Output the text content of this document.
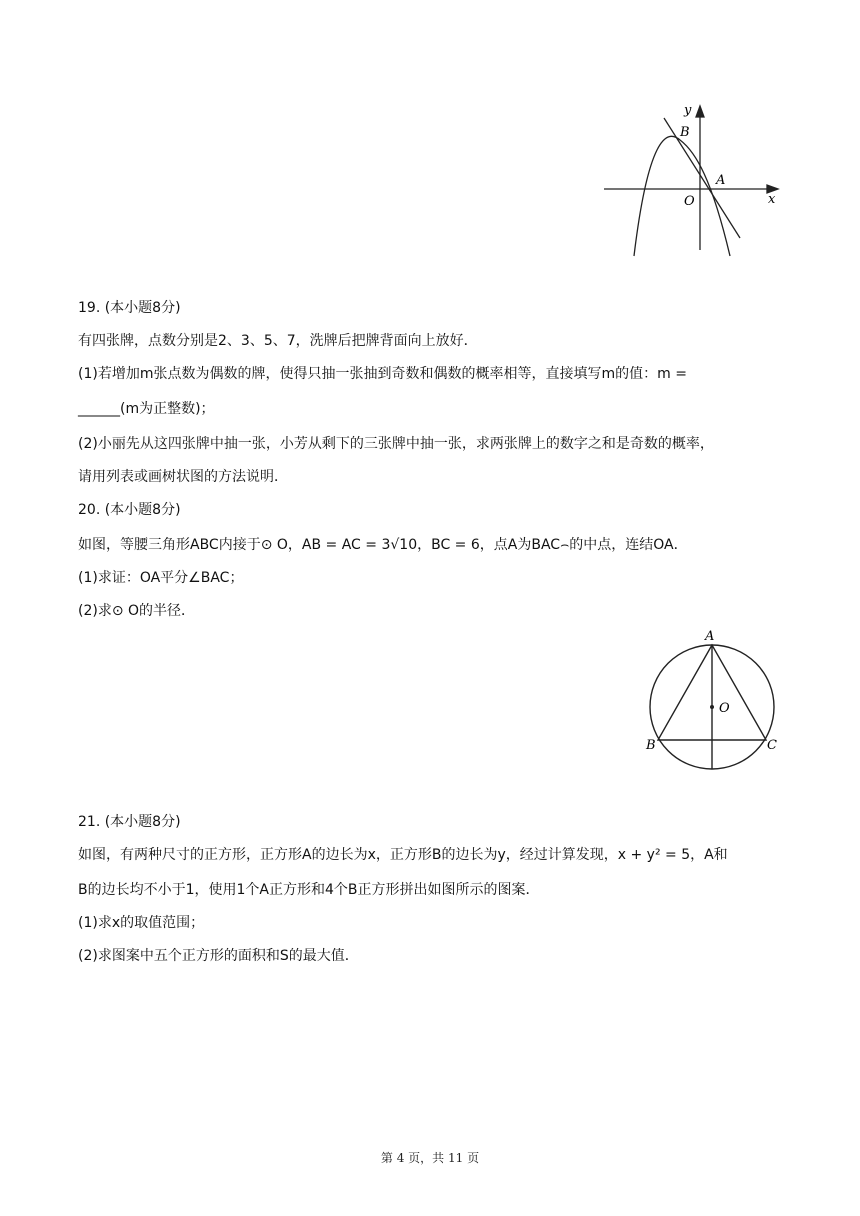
y
B
A
O	x
19. (本小题8分)
有四张牌，点数分别是2、3、5、7，洗牌后把牌背面向上放好．
(1)若增加m张点数为偶数的牌，使得只抽一张抽到奇数和偶数的概率相等，直接填写m的值：m =
______(m为正整数)；
(2)小丽先从这四张牌中抽一张，小芳从剩下的三张牌中抽一张，求两张牌上的数字之和是奇数的概率，
请用列表或画树状图的方法说明．
20. (本小题8分)
如图，等腰三角形ABC内接于⊙ O，AB = AC = 3√10，BC = 6，点A为BAC⌢的中点，连结OA．
(1)求证：OA平分∠BAC；
(2)求⊙ O的半径．
A
O
B	C
21. (本小题8分)
如图，有两种尺寸的正方形，正方形A的边长为x，正方形B的边长为y，经过计算发现，x + y² = 5，A和
B的边长均不小于1，使用1个A正方形和4个B正方形拼出如图所示的图案．
(1)求x的取值范围；
(2)求图案中五个正方形的面积和S的最大值．
第 4 页，共 11 页
